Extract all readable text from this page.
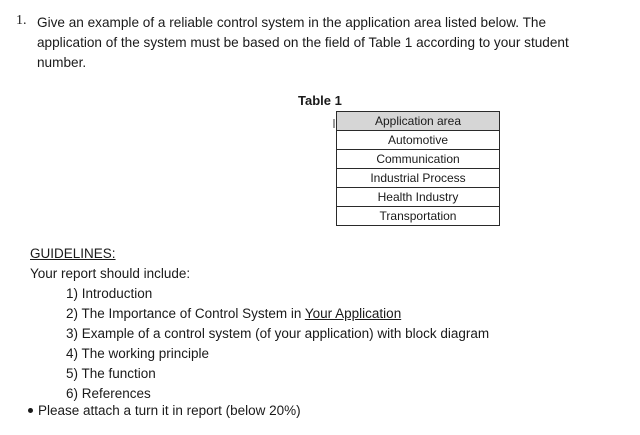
1. Give an example of a reliable control system in the application area listed below. The

application of the system must be based on the field of Table 1 according to your student

number.

Table 1
Application area
Automotive
Communication
Industrial Process
Health Industry
Transportation
GUIDELINES:
Your report should include:
1) Introduction
2) The Importance of Control System in Your Application
3) Example of a control system (of your application) with block diagram
4) The working principle
5) The function
6) References
Please attach a turn it in report (below 20%)
